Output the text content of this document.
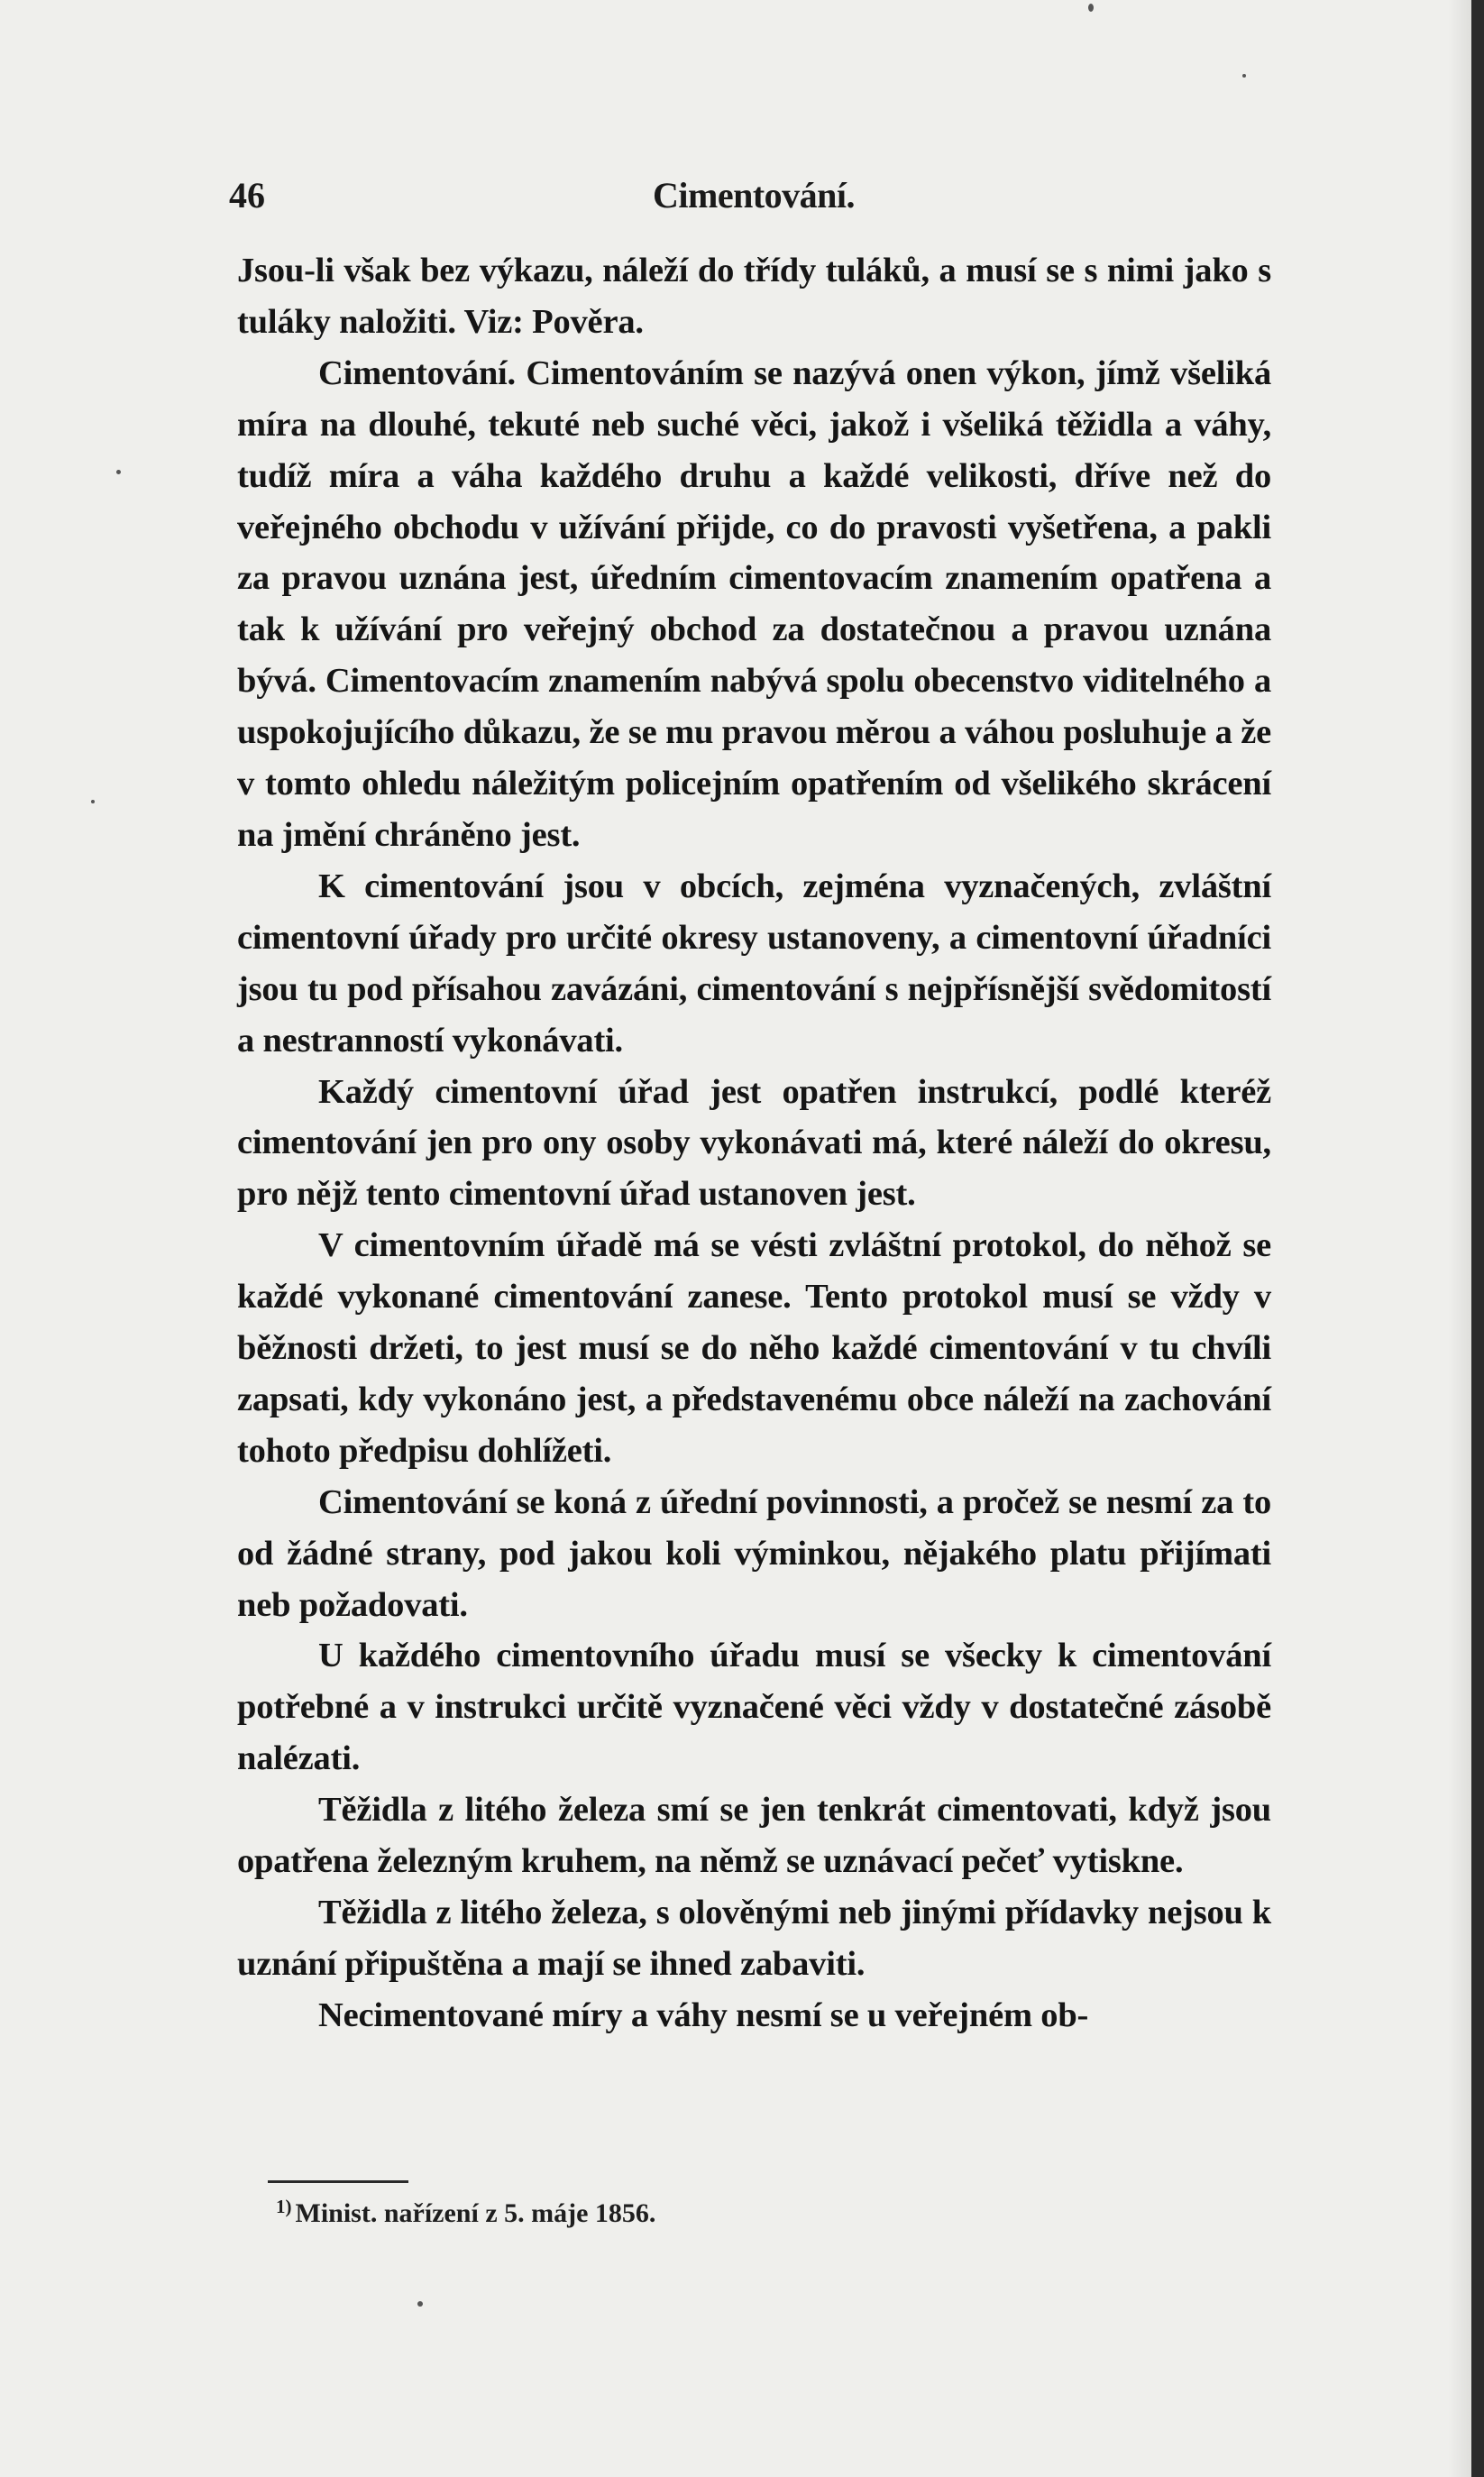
46	Cimentování.

Jsou-li však bez výkazu, náleží do třídy tuláků, a musí se s nimi jako s tuláky naložiti. Viz: Pověra.

Cimentování. Cimentováním se nazývá onen výkon, jímž všeliká míra na dlouhé, tekuté neb suché věci, jakož i všeliká těžidla a váhy, tudíž míra a váha každého druhu a každé velikosti, dříve než do veřejného obchodu v užívání přijde, co do pravosti vyšetřena, a pakli za pravou uznána jest, úředním cimentovacím znamením opatřena a tak k užívání pro veřejný obchod za dostatečnou a pravou uznána bývá. Cimentovacím znamením nabývá spolu obecenstvo viditelného a uspokojujícího důkazu, že se mu pravou měrou a váhou posluhuje a že v tomto ohledu náležitým policejním opatřením od všelikého skrácení na jmění chráněno jest.

K cimentování jsou v obcích, zejména vyznačených, zvláštní cimentovní úřady pro určité okresy ustanoveny, a cimentovní úřadníci jsou tu pod přísahou zavázáni, cimentování s nejpřísnější svědomitostí a nestranností vykonávati.

Každý cimentovní úřad jest opatřen instrukcí, podlé kteréž cimentování jen pro ony osoby vykonávati má, které náleží do okresu, pro nějž tento cimentovní úřad ustanoven jest.

V cimentovním úřadě má se vésti zvláštní protokol, do něhož se každé vykonané cimentování zanese. Tento protokol musí se vždy v běžnosti držeti, to jest musí se do něho každé cimentování v tu chvíli zapsati, kdy vykonáno jest, a představenému obce náleží na zachování tohoto předpisu dohlížeti.

Cimentování se koná z úřední povinnosti, a pročež se nesmí za to od žádné strany, pod jakou koli výminkou, nějakého platu přijímati neb požadovati.

U každého cimentovního úřadu musí se všecky k cimentování potřebné a v instrukci určitě vyznačené věci vždy v dostatečné zásobě nalézati.

Těžidla z litého železa smí se jen tenkrát cimentovati, když jsou opatřena železným kruhem, na němž se uznávací pečeť vytiskne.

Těžidla z litého železa, s olověnými neb jinými přídavky nejsou k uznání připuštěna a mají se ihned zabaviti.

Necimentované míry a váhy nesmí se u veřejném ob-

$^{1)}$ Minist. nařízení z 5. máje 1856.
